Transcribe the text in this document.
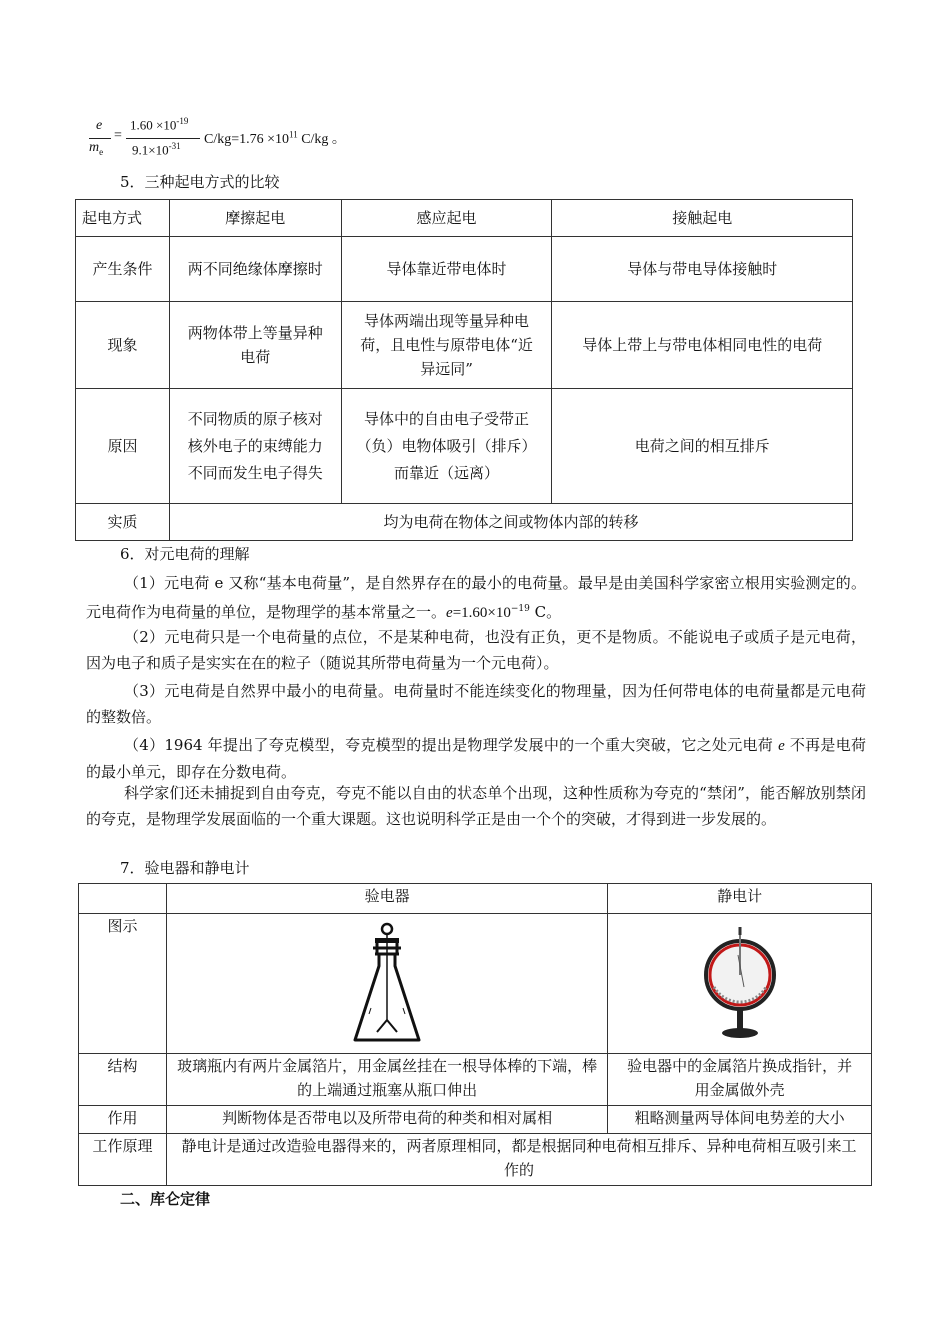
e
$m_e$
=
$1.60 \times 10^{-19}$
$9.1\times 10^{-31}$ $C/kg=1.76 \times 10^{11}$ C/kg 。
5．三种起电方式的比较
起电方式	摩擦起电	感应起电	接触起电
产生条件	两不同绝缘体摩擦时	导体靠近带电体时	导体与带电导体接触时
现象	两物体带上等量异种电荷	导体两端出现等量异种电荷，且电性与原带电体“近异远同”	导体上带上与带电体相同电性的电荷
原因	不同物质的原子核对核外电子的束缚能力不同而发生电子得失	导体中的自由电子受带正（负）电物体吸引（排斥）而靠近（远离）	电荷之间的相互排斥
实质	均为电荷在物体之间或物体内部的转移		
6．对元电荷的理解
（1）元电荷 e 又称“基本电荷量”，是自然界存在的最小的电荷量。最早是由美国科学家密立根用实验测定的。元电荷作为电荷量的单位，是物理学的基本常量之一。$e=1.60\times 10^{-19}$ C。
（2）元电荷只是一个电荷量的点位，不是某种电荷，也没有正负，更不是物质。不能说电子或质子是元电荷，因为电子和质子是实实在在的粒子（随说其所带电荷量为一个元电荷）。
（3）元电荷是自然界中最小的电荷量。电荷量时不能连续变化的物理量，因为任何带电体的电荷量都是元电荷的整数倍。
（4）1964 年提出了夸克模型，夸克模型的提出是物理学发展中的一个重大突破，它之处元电荷 e 不再是电荷的最小单元，即存在分数电荷。
科学家们还未捕捉到自由夸克，夸克不能以自由的状态单个出现，这种性质称为夸克的“禁闭”，能否解放别禁闭的夸克，是物理学发展面临的一个重大课题。这也说明科学正是由一个个的突破，才得到进一步发展的。
7．验电器和静电计
	验电器	静电计
图示	

结构	玻璃瓶内有两片金属箔片，用金属丝挂在一根导体棒的下端，棒的上端通过瓶塞从瓶口伸出	验电器中的金属箔片换成指针，并用金属做外壳
作用	判断物体是否带电以及所带电荷的种类和相对属相	粗略测量两导体间电势差的大小
工作原理	静电计是通过改造验电器得来的，两者原理相同，都是根据同种电荷相互排斥、异种电荷相互吸引来工作的	
二、库仑定律
